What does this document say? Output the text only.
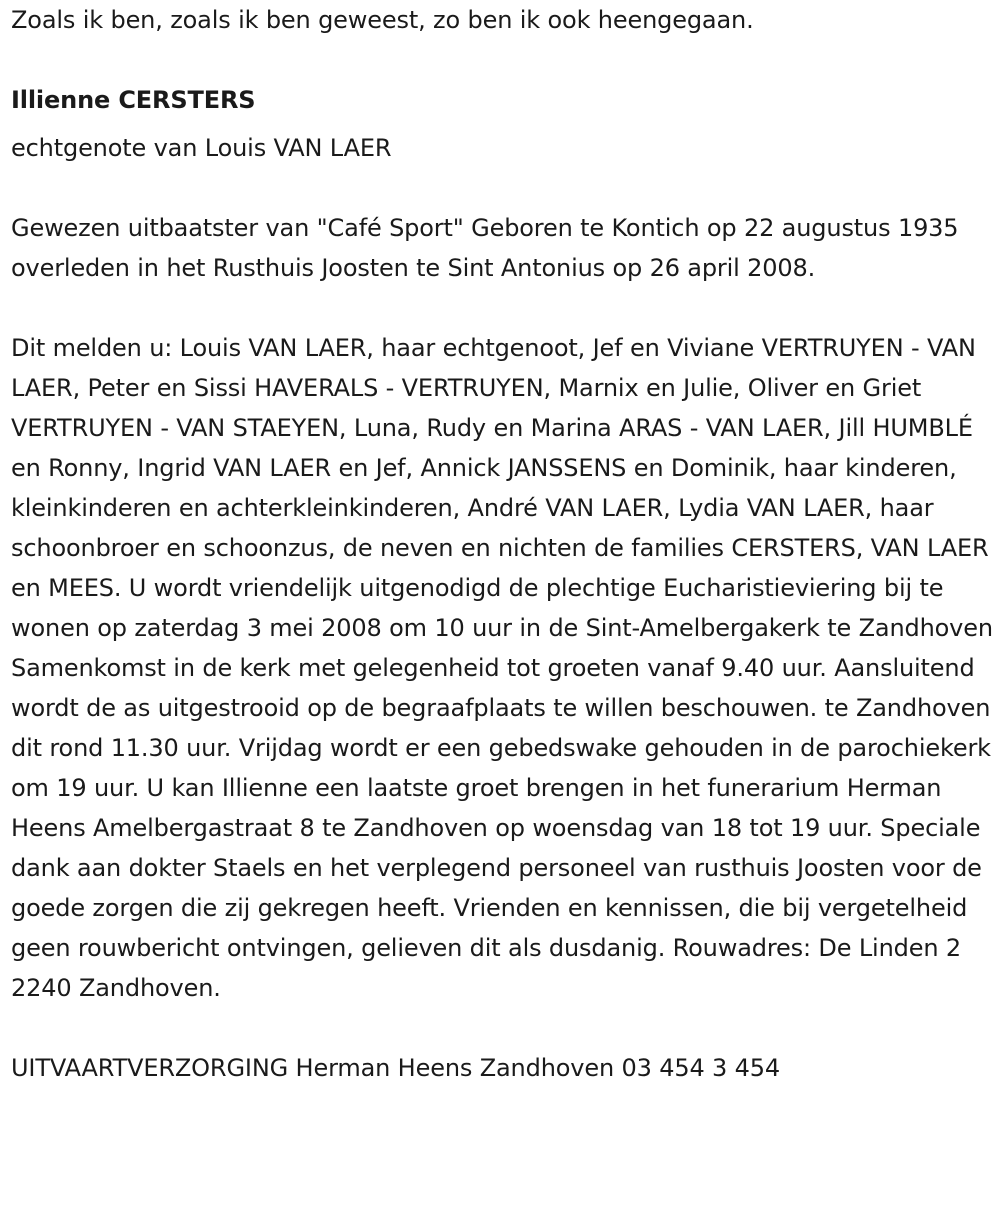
Zoals ik ben, zoals ik ben geweest, zo ben ik ook heengegaan.

Illienne CERSTERS

echtgenote van Louis VAN LAER

Gewezen uitbaatster van "Café Sport" Geboren te Kontich op 22 augustus 1935 overleden in het Rusthuis Joosten te Sint Antonius op 26 april 2008.

Dit melden u: Louis VAN LAER, haar echtgenoot, Jef en Viviane VERTRUYEN - VAN LAER, Peter en Sissi HAVERALS - VERTRUYEN, Marnix en Julie, Oliver en Griet VERTRUYEN - VAN STAEYEN, Luna, Rudy en Marina ARAS - VAN LAER, Jill HUMBLÉ en Ronny, Ingrid VAN LAER en Jef, Annick JANSSENS en Dominik, haar kinderen, kleinkinderen en achterkleinkinderen, André VAN LAER, Lydia VAN LAER, haar schoonbroer en schoonzus, de neven en nichten de families CERSTERS, VAN LAER en MEES. U wordt vriendelijk uitgenodigd de plechtige Eucharistieviering bij te wonen op zaterdag 3 mei 2008 om 10 uur in de Sint-Amelbergakerk te Zandhoven Samenkomst in de kerk met gelegenheid tot groeten vanaf 9.40 uur. Aansluitend wordt de as uitgestrooid op de begraafplaats te willen beschouwen. te Zandhoven dit rond 11.30 uur. Vrijdag wordt er een gebedswake gehouden in de parochiekerk om 19 uur. U kan Illienne een laatste groet brengen in het funerarium Herman Heens Amelbergastraat 8 te Zandhoven op woensdag van 18 tot 19 uur. Speciale dank aan dokter Staels en het verplegend personeel van rusthuis Joosten voor de goede zorgen die zij gekregen heeft. Vrienden en kennissen, die bij vergetelheid geen rouwbericht ontvingen, gelieven dit als dusdanig. Rouwadres: De Linden 2 2240 Zandhoven.

UITVAARTVERZORGING Herman Heens Zandhoven 03 454 3 454
